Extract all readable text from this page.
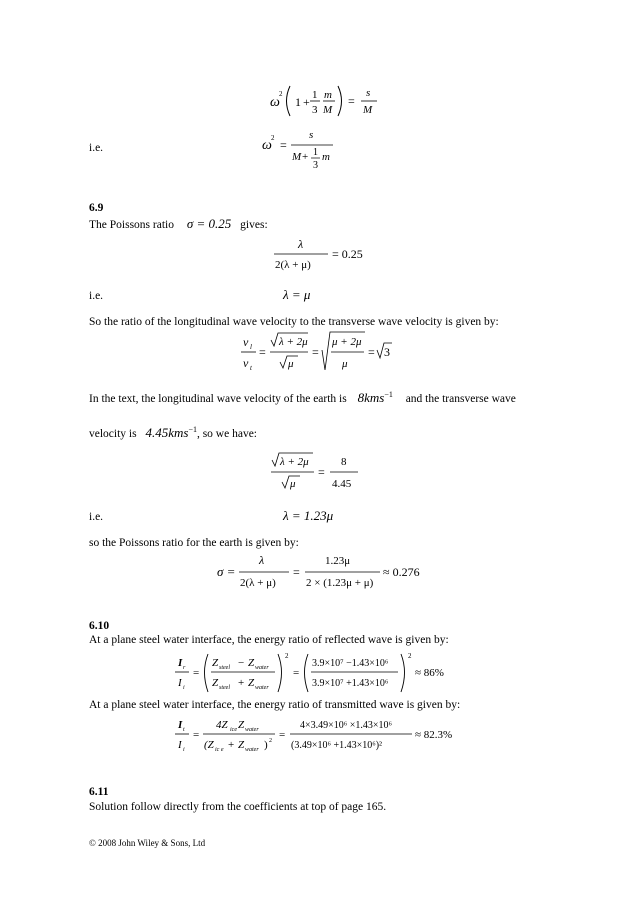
ω
2
1 + 1
3
m
M
=
s
M
i.e.	ω 2 =
s
M + 1
3
m
6.9
The Poissons ratio σ = 0.25 gives:
λ
2(λ + μ)
= 0.25
i.e.	λ = μ
So the ratio of the longitudinal wave velocity to the transverse wave velocity is given by:
v l
v t
=
λ + 2μ
μ
=
μ + 2μ
μ
= 3
In the text, the longitudinal wave velocity of the earth is 8kms$^{-1}$ and the transverse wave
velocity is 4.45kms$^{-1}$, so we have:
λ + 2μ
μ
=
8
4.45
i.e.	λ = 1.23μ
so the Poissons ratio for the earth is given by:
σ =
λ
2(λ + μ)
=
1.23μ
2 × (1.23μ + μ)
≈ 0.276
6.10
At a plane steel water interface, the energy ratio of reflected wave is given by:
I r
I i
=
Z steel − Z water
Z steel + Z water
2
=
3.9×10⁷ −1.43×10⁶
3.9×10⁷ +1.43×10⁶
2
≈ 86%
At a plane steel water interface, the energy ratio of transmitted wave is given by:
I t
I i
=
4Z ice Z water
(Z ic e + Z water ) 2 =
4×3.49×10⁶ ×1.43×10⁶
(3.49×10⁶ +1.43×10⁶)²
≈ 82.3%
6.11
Solution follow directly from the coefficients at top of page 165.
© 2008 John Wiley & Sons, Ltd
